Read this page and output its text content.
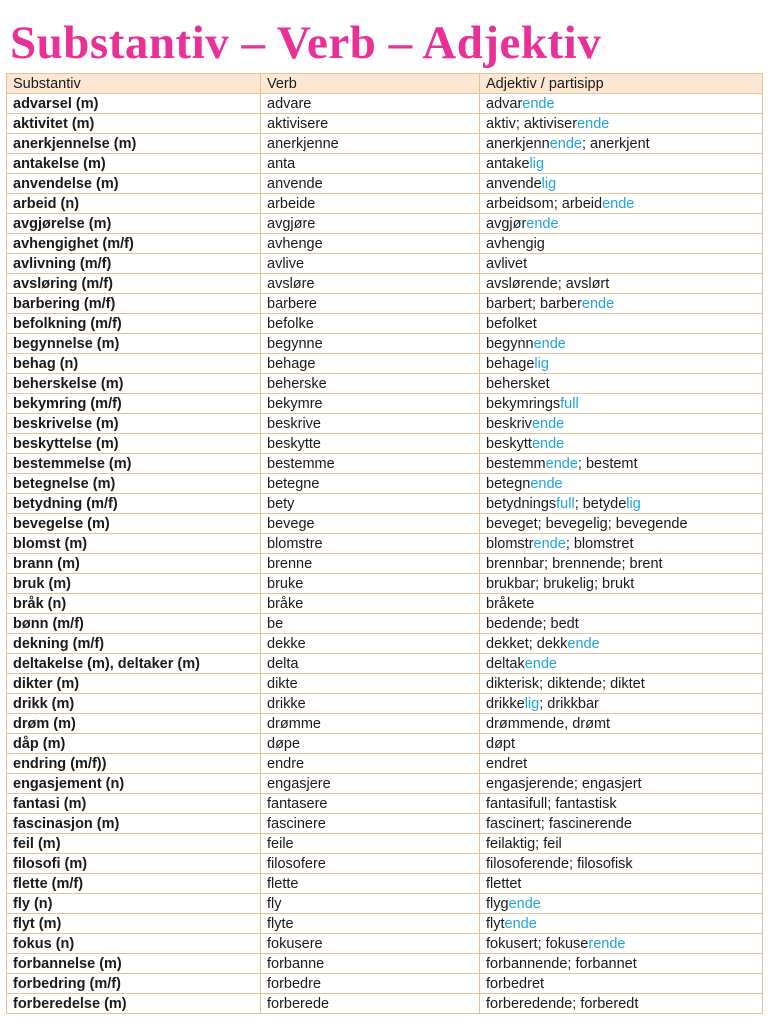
Substantiv – Verb – Adjektiv
Substantiv	Verb	Adjektiv / partisipp
advarsel (m)	advare	advarende
aktivitet (m)	aktivisere	aktiv; aktiviserende
anerkjennelse (m)	anerkjenne	anerkjennende; anerkjent
antakelse (m)	anta	antakelig
anvendelse (m)	anvende	anvendelig
arbeid (n)	arbeide	arbeidsom; arbeidende
avgjørelse (m)	avgjøre	avgjørende
avhengighet (m/f)	avhenge	avhengig
avlivning (m/f)	avlive	avlivet
avsløring (m/f)	avsløre	avslørende; avslørt
barbering (m/f)	barbere	barbert; barberende
befolkning (m/f)	befolke	befolket
begynnelse (m)	begynne	begynnende
behag (n)	behage	behagelig
beherskelse (m)	beherske	behersket
bekymring (m/f)	bekymre	bekymringsfull
beskrivelse (m)	beskrive	beskrivende
beskyttelse (m)	beskytte	beskyttende
bestemmelse (m)	bestemme	bestemmende; bestemt
betegnelse (m)	betegne	betegnende
betydning (m/f)	bety	betydningsfull; betydelig
bevegelse (m)	bevege	beveget; bevegelig; bevegende
blomst (m)	blomstre	blomstrende; blomstret
brann (m)	brenne	brennbar; brennende; brent
bruk (m)	bruke	brukbar; brukelig; brukt
bråk (n)	bråke	bråkete
bønn (m/f)	be	bedende; bedt
dekning (m/f)	dekke	dekket; dekkende
deltakelse (m), deltaker (m)	delta	deltakende
dikter (m)	dikte	dikterisk; diktende; diktet
drikk (m)	drikke	drikkelig; drikkbar
drøm (m)	drømme	drømmende, drømt
dåp (m)	døpe	døpt
endring (m/f))	endre	endret
engasjement (n)	engasjere	engasjerende; engasjert
fantasi (m)	fantasere	fantasifull; fantastisk
fascinasjon (m)	fascinere	fascinert; fascinerende
feil (m)	feile	feilaktig; feil
filosofi (m)	filosofere	filosoferende; filosofisk
flette (m/f)	flette	flettet
fly (n)	fly	flygende
flyt (m)	flyte	flytende
fokus (n)	fokusere	fokusert; fokuserende
forbannelse (m)	forbanne	forbannende; forbannet
forbedring (m/f)	forbedre	forbedret
forberedelse (m)	forberede	forberedende; forberedt
